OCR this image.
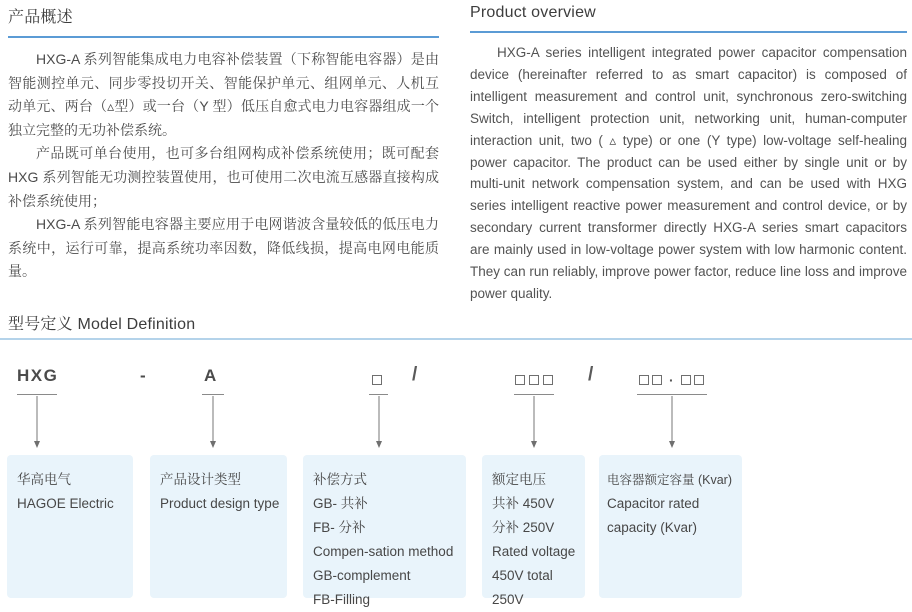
产品概述

HXG-A 系列智能集成电力电容补偿装置（下称智能电容器）是由智能测控单元、同步零投切开关、智能保护单元、组网单元、人机互动单元、两台（▵型）或一台（Y 型）低压自愈式电力电容器组成一个独立完整的无功补偿系统。

产品既可单台使用，也可多台组网构成补偿系统使用；既可配套 HXG 系列智能无功测控装置使用，也可使用二次电流互感器直接构成补偿系统使用；

HXG-A 系列智能电容器主要应用于电网谐波含量较低的低压电力系统中，运行可靠，提高系统功率因数，降低线损，提高电网电能质量。

Product overview
HXG-A series intelligent integrated power capacitor compensation device (hereinafter referred to as smart capacitor) is composed of intelligent measurement and control unit, synchronous zero-switching Switch, intelligent protection unit, networking unit, human-computer interaction unit, two ( ▵ type) or one (Y type) low-voltage self-healing power capacitor. The product can be used either by single unit or by multi-unit network compensation system, and can be used with HXG series intelligent reactive power measurement and control device, or by secondary current transformer directly HXG-A series smart capacitors are mainly used in low-voltage power system with low harmonic content. They can run reliably, improve power factor, reduce line loss and improve power quality.
型号定义 Model Definition
HXG	-	A	/	/	·
华高电气
HAGOE Electric
产品设计类型
Product design type
补偿方式
GB- 共补
FB- 分补
Compen-sation method
GB-complement
FB-Filling
额定电压
共补 450V
分补 250V
Rated voltage
450V total
250V
电容器额定容量 (Kvar)
Capacitor rated
capacity (Kvar)
